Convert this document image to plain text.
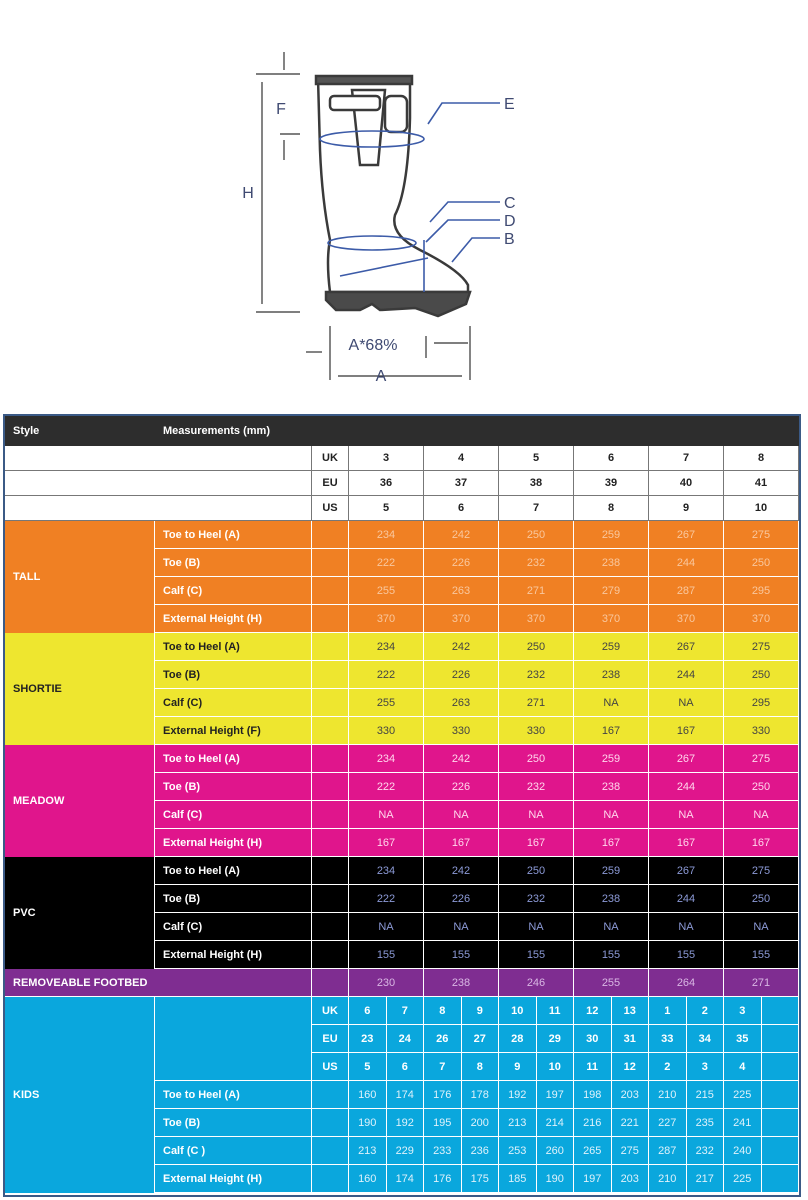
F
H
E
C
D
B
A*68%
A
Style	Measurements (mm)
UK	3	4	5	6	7	8
EU	36	37	38	39	40	41
US	5	6	7	8	9	10
Toe to Heel (A)	234	242	250	259	267	275
Toe (B)	222	226	232	238	244	250
Calf (C)	255	263	271	279	287	295
External Height (H)	370	370	370	370	370	370
TALL
Toe to Heel (A)	234	242	250	259	267	275
Toe (B)	222	226	232	238	244	250
Calf (C)	255	263	271	NA	NA	295
External Height (F)	330	330	330	167	167	330
SHORTIE
Toe to Heel (A)	234	242	250	259	267	275
Toe (B)	222	226	232	238	244	250
Calf (C)	NA	NA	NA	NA	NA	NA
External Height (H)	167	167	167	167	167	167
MEADOW
Toe to Heel (A)	234	242	250	259	267	275
Toe (B)	222	226	232	238	244	250
Calf (C)	NA	NA	NA	NA	NA	NA
External Height (H)	155	155	155	155	155	155
PVC
REMOVEABLE FOOTBED	230	238	246	255	264	271
UK	6	7	8	9	10	11	12	13	1	2	3
EU	23	24	26	27	28	29	30	31	33	34	35
US	5	6	7	8	9	10	11	12	2	3	4
Toe to Heel (A)	160	174	176	178	192	197	198	203	210	215	225
Toe (B)	190	192	195	200	213	214	216	221	227	235	241
Calf (C )	213	229	233	236	253	260	265	275	287	232	240
External Height (H)	160	174	176	175	185	190	197	203	210	217	225
KIDS
